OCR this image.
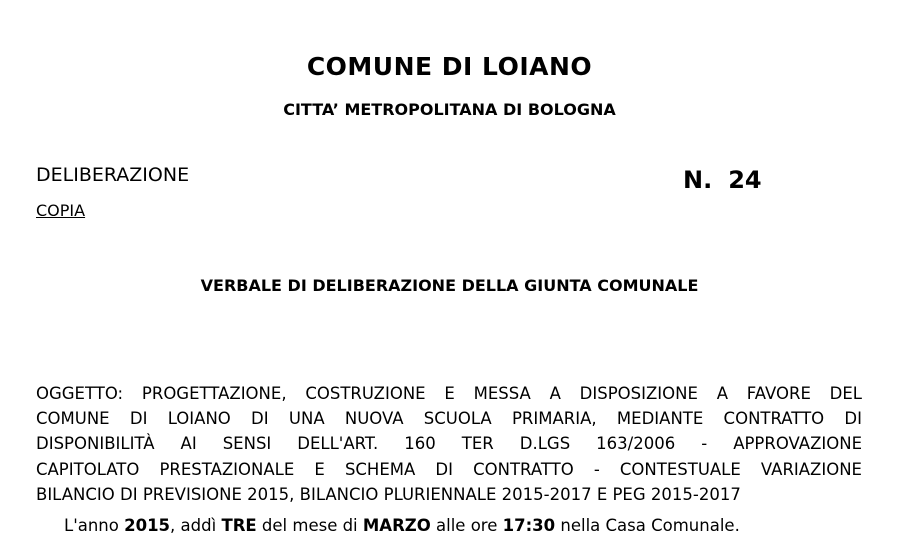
COMUNE DI LOIANO
CITTA’ METROPOLITANA DI BOLOGNA
DELIBERAZIONE
COPIA
N. 24
VERBALE DI DELIBERAZIONE DELLA GIUNTA COMUNALE
OGGETTO: PROGETTAZIONE, COSTRUZIONE E MESSA A DISPOSIZIONE A FAVORE DEL
COMUNE DI LOIANO DI UNA NUOVA SCUOLA PRIMARIA, MEDIANTE CONTRATTO DI
DISPONIBILITÀ AI SENSI DELL'ART. 160 TER D.LGS 163/2006 - APPROVAZIONE
CAPITOLATO PRESTAZIONALE E SCHEMA DI CONTRATTO - CONTESTUALE VARIAZIONE
BILANCIO DI PREVISIONE 2015, BILANCIO PLURIENNALE 2015-2017 E PEG 2015-2017
L'anno 2015, addì TRE del mese di MARZO alle ore 17:30 nella Casa Comunale.
